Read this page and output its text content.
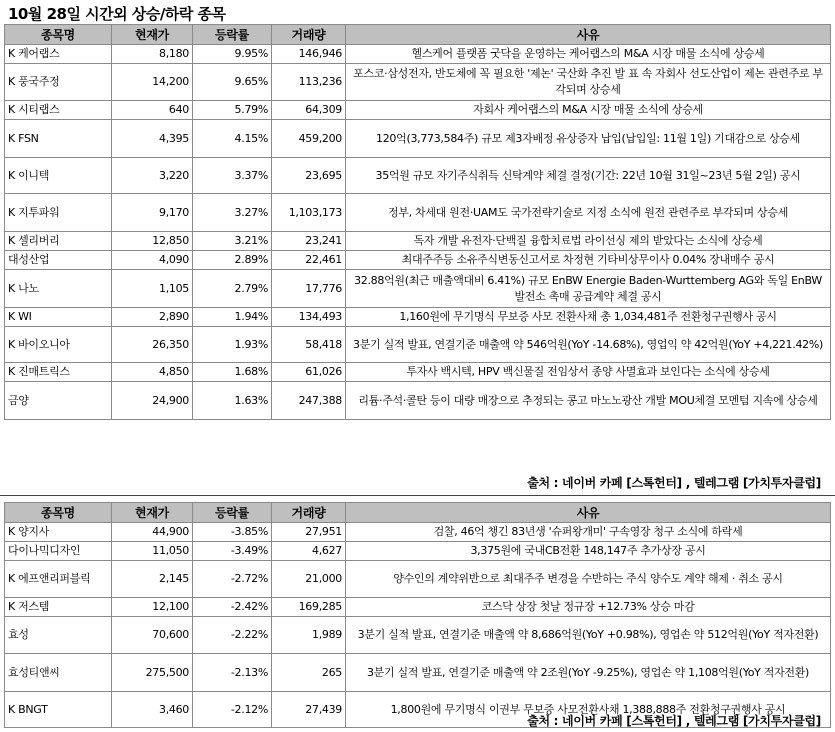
10월 28일 시간외 상승/하락 종목
종목명	현재가	등락률	거래량	사유
K 케어랩스	8,180	9.95%	146,946	헬스케어 플랫폼 굿닥을 운영하는 케어랩스의 M&A 시장 매물 소식에 상승세
K 풍국주정	14,200	9.65%	113,236	포스코·삼성전자, 반도체에 꼭 필요한 '제논' 국산화 추진 발 표 속 자회사 선도산업이 제논 관련주로 부각되며 상승세
K 시티랩스	640	5.79%	64,309	자회사 케어랩스의 M&A 시장 매물 소식에 상승세
K FSN	4,395	4.15%	459,200	120억(3,773,584주) 규모 제3자배정 유상증자 납입(납입일: 11월 1일) 기대감으로 상승세
K 이니텍	3,220	3.37%	23,695	35억원 규모 자기주식취득 신탁계약 체결 결정(기간: 22년 10월 31일~23년 5월 2일) 공시
K 지투파워	9,170	3.27%	1,103,173	정부, 차세대 원전·UAM도 국가전략기술로 지정 소식에 원전 관련주로 부각되며 상승세
K 셀리버리	12,850	3.21%	23,241	독자 개발 유전자·단백질 융합치료법 라이선싱 제의 받았다는 소식에 상승세
대성산업	4,090	2.89%	22,461	최대주주등 소유주식변동신고서로 차정현 기타비상무이사 0.04% 장내매수 공시
K 나노	1,105	2.79%	17,776	32.88억원(최근 매출액대비 6.41%) 규모 EnBW Energie Baden-Wurttemberg AG와 독일 EnBW 발전소 촉매 공급계약 체결 공시
K WI	2,890	1.94%	134,493	1,160원에 무기명식 무보증 사모 전환사채 총 1,034,481주 전환청구권행사 공시
K 바이오니아	26,350	1.93%	58,418	3분기 실적 발표, 연결기준 매출액 약 546억원(YoY -14.68%), 영업익 약 42억원(YoY +4,221.42%)
K 진매트릭스	4,850	1.68%	61,026	투자사 백시텍, HPV 백신물질 전임상서 종양 사멸효과 보인다는 소식에 상승세
금양	24,900	1.63%	247,388	리튬·주석·콜탄 등이 대량 매장으로 추정되는 콩고 마노노광산 개발 MOU체결 모멘텀 지속에 상승세
출처 : 네이버 카페 [스톡헌터] , 텔레그램 [가치투자클럽]
종목명	현재가	등락률	거래량	사유
K 양지사	44,900	-3.85%	27,951	검찰, 46억 챙긴 83년생 '슈퍼왕개미' 구속영장 청구 소식에 하락세
다이나믹디자인	11,050	-3.49%	4,627	3,375원에 국내CB전환 148,147주 추가상장 공시
K 에프앤리퍼블릭	2,145	-2.72%	21,000	양수인의 계약위반으로 최대주주 변경을 수반하는 주식 양수도 계약 해제 · 취소 공시
K 저스템	12,100	-2.42%	169,285	코스닥 상장 첫날 정규장 +12.73% 상승 마감
효성	70,600	-2.22%	1,989	3분기 실적 발표, 연결기준 매출액 약 8,686억원(YoY +0.98%), 영업손 약 512억원(YoY 적자전환)
효성티앤씨	275,500	-2.13%	265	3분기 실적 발표, 연결기준 매출액 약 2조원(YoY -9.25%), 영업손 약 1,108억원(YoY 적자전환)
K BNGT	3,460	-2.12%	27,439	1,800원에 무기명식 이권부 무보증 사모전환사채 1,388,888주 전환청구권행사 공시
출처 : 네이버 카페 [스톡헌터] , 텔레그램 [가치투자클럽]
